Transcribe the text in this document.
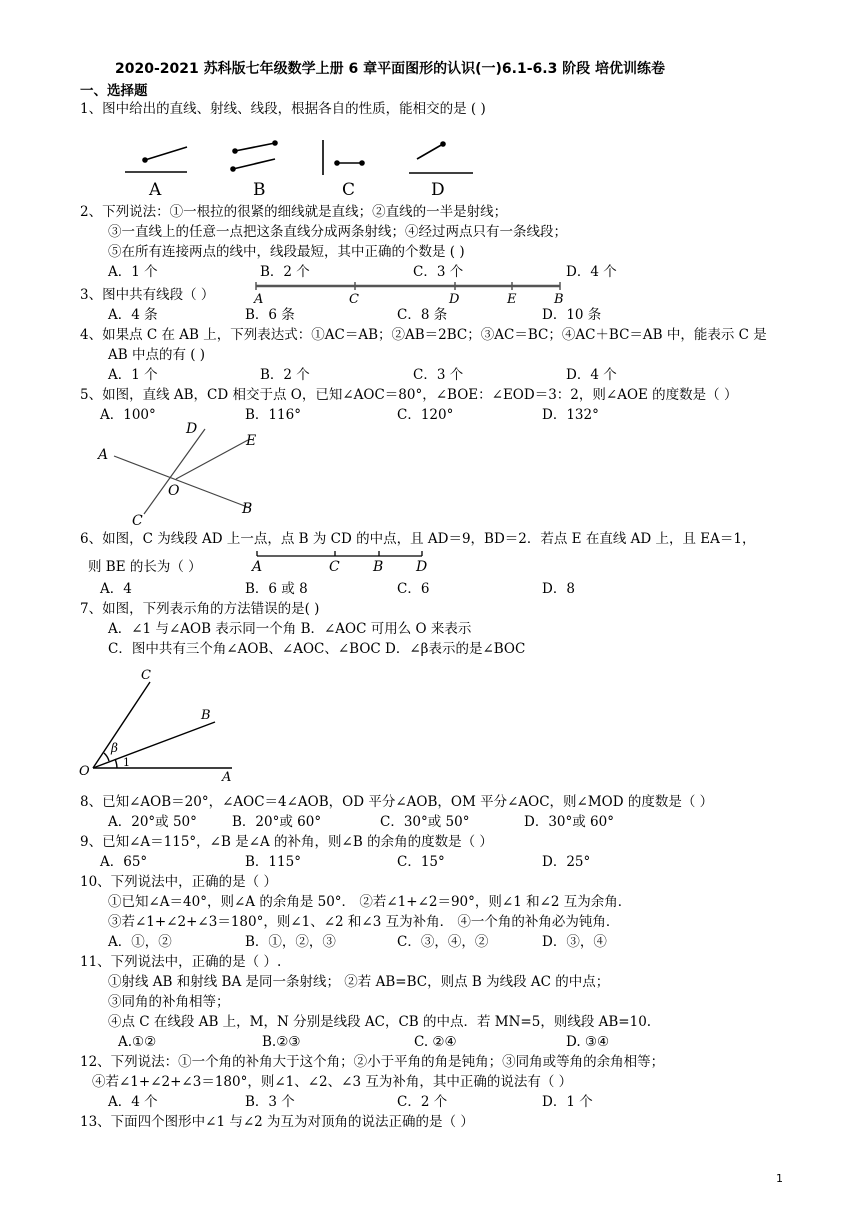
2020-2021 苏科版七年级数学上册 6 章平面图形的认识(一)6.1-6.3 阶段 培优训练卷
一、选择题
1、图中给出的直线、射线、线段，根据各自的性质，能相交的是 ( )
A	B	C	D
2、下列说法：①一根拉的很紧的细线就是直线；②直线的一半是射线；
③一直线上的任意一点把这条直线分成两条射线；④经过两点只有一条线段；
⑤在所有连接两点的线中，线段最短，其中正确的个数是 ( )
A．1 个	B．2 个	C．3 个	D．4 个
3、图中共有线段（ ）	A	C	D	E	B
A．4 条	B．6 条	C．8 条	D．10 条
4、如果点 C 在 AB 上，下列表达式：①AC＝AB；②AB＝2BC；③AC＝BC；④AC＋BC＝AB 中，能表示 C 是
AB 中点的有 ( )
A．1 个	B．2 个	C．3 个	D．4 个
5、如图，直线 AB，CD 相交于点 O，已知∠AOC＝80°，∠BOE：∠EOD＝3：2，则∠AOE 的度数是（ ）
A．100°	B．116°	C．120°	D．132°
D
E
A
O
B
C
6、如图，C 为线段 AD 上一点，点 B 为 CD 的中点，且 AD＝9，BD＝2．若点 E 在直线 AD 上，且 EA＝1，
A	C B D
则 BE 的长为（ ）
A．4	B．6 或 8	C．6	D．8
7、如图，下列表示角的方法错误的是( )
A．∠1 与∠AOB 表示同一个角 B．∠AOC 可用么 O 来表示
C．图中共有三个角∠AOB、∠AOC、∠BOC D．∠β表示的是∠BOC
C
B
O	A
β
1
8、已知∠AOB＝20°，∠AOC＝4∠AOB，OD 平分∠AOB，OM 平分∠AOC，则∠MOD 的度数是（ ）
A．20°或 50°	B．20°或 60°	C．30°或 50°	D．30°或 60°
9、已知∠A＝115°，∠B 是∠A 的补角，则∠B 的余角的度数是（ ）
A．65°	B．115°	C．15°	D．25°
10、下列说法中，正确的是（ ）
①已知∠A＝40°，则∠A 的余角是 50°． ②若∠1+∠2＝90°，则∠1 和∠2 互为余角．
③若∠1+∠2+∠3＝180°，则∠1、∠2 和∠3 互为补角． ④一个角的补角必为钝角．
A．①，②	B．①，②，③	C．③，④，②	D．③，④
11、下列说法中，正确的是（ ）.
①射线 AB 和射线 BA 是同一条射线； ②若 AB=BC，则点 B 为线段 AC 的中点；
③同角的补角相等；
④点 C 在线段 AB 上，M，N 分别是线段 AC，CB 的中点．若 MN=5，则线段 AB=10.
A.①②	B.②③	C. ②④	D. ③④
12、下列说法：①一个角的补角大于这个角；②小于平角的角是钝角；③同角或等角的余角相等；
④若∠1+∠2+∠3＝180°，则∠1、∠2、∠3 互为补角，其中正确的说法有（ ）
A．4 个	B．3 个	C．2 个	D．1 个
13、下面四个图形中∠1 与∠2 为互为对顶角的说法正确的是（ ）
1
